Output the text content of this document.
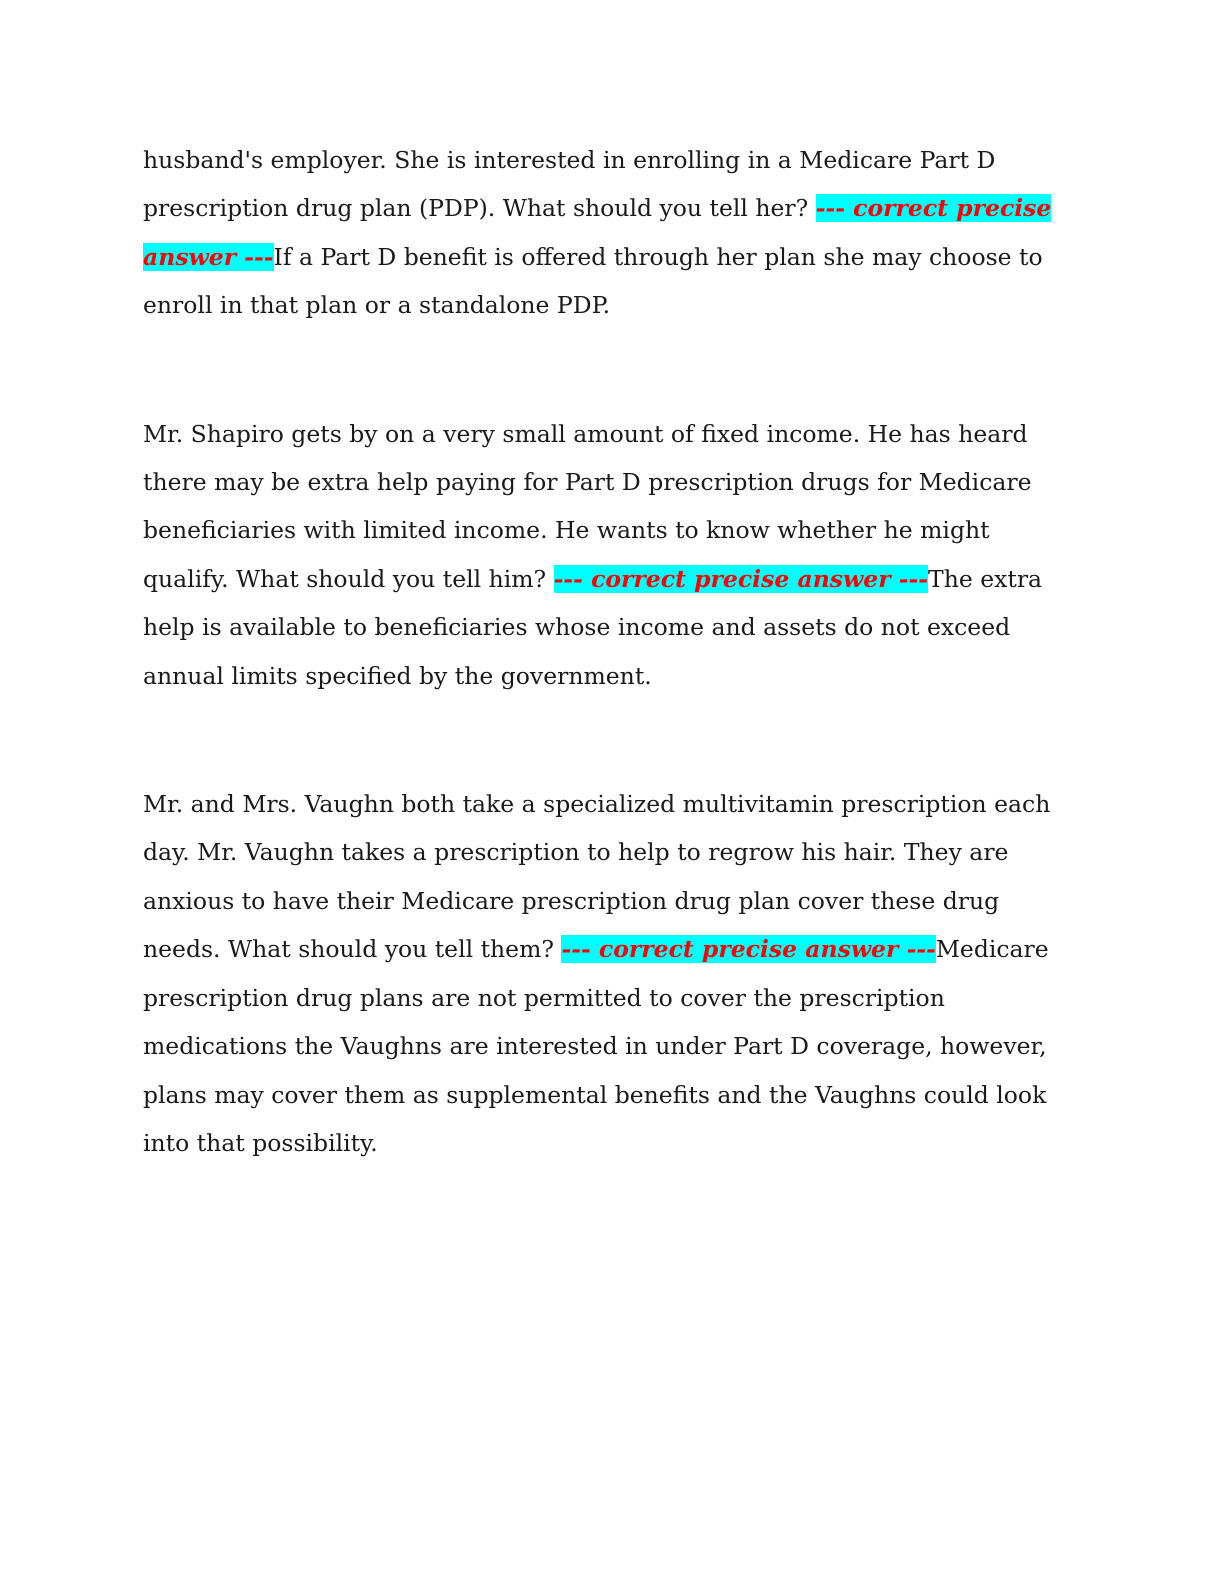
husband's employer. She is interested in enrolling in a Medicare Part D prescription drug plan (PDP). What should you tell her? --- correct precise answer ---If a Part D benefit is offered through her plan she may choose to enroll in that plan or a standalone PDP.

Mr. Shapiro gets by on a very small amount of fixed income. He has heard there may be extra help paying for Part D prescription drugs for Medicare beneficiaries with limited income. He wants to know whether he might qualify. What should you tell him? --- correct precise answer ---The extra help is available to beneficiaries whose income and assets do not exceed annual limits specified by the government.

Mr. and Mrs. Vaughn both take a specialized multivitamin prescription each day. Mr. Vaughn takes a prescription to help to regrow his hair. They are anxious to have their Medicare prescription drug plan cover these drug needs. What should you tell them? --- correct precise answer ---Medicare prescription drug plans are not permitted to cover the prescription medications the Vaughns are interested in under Part D coverage, however, plans may cover them as supplemental benefits and the Vaughns could look into that possibility.
